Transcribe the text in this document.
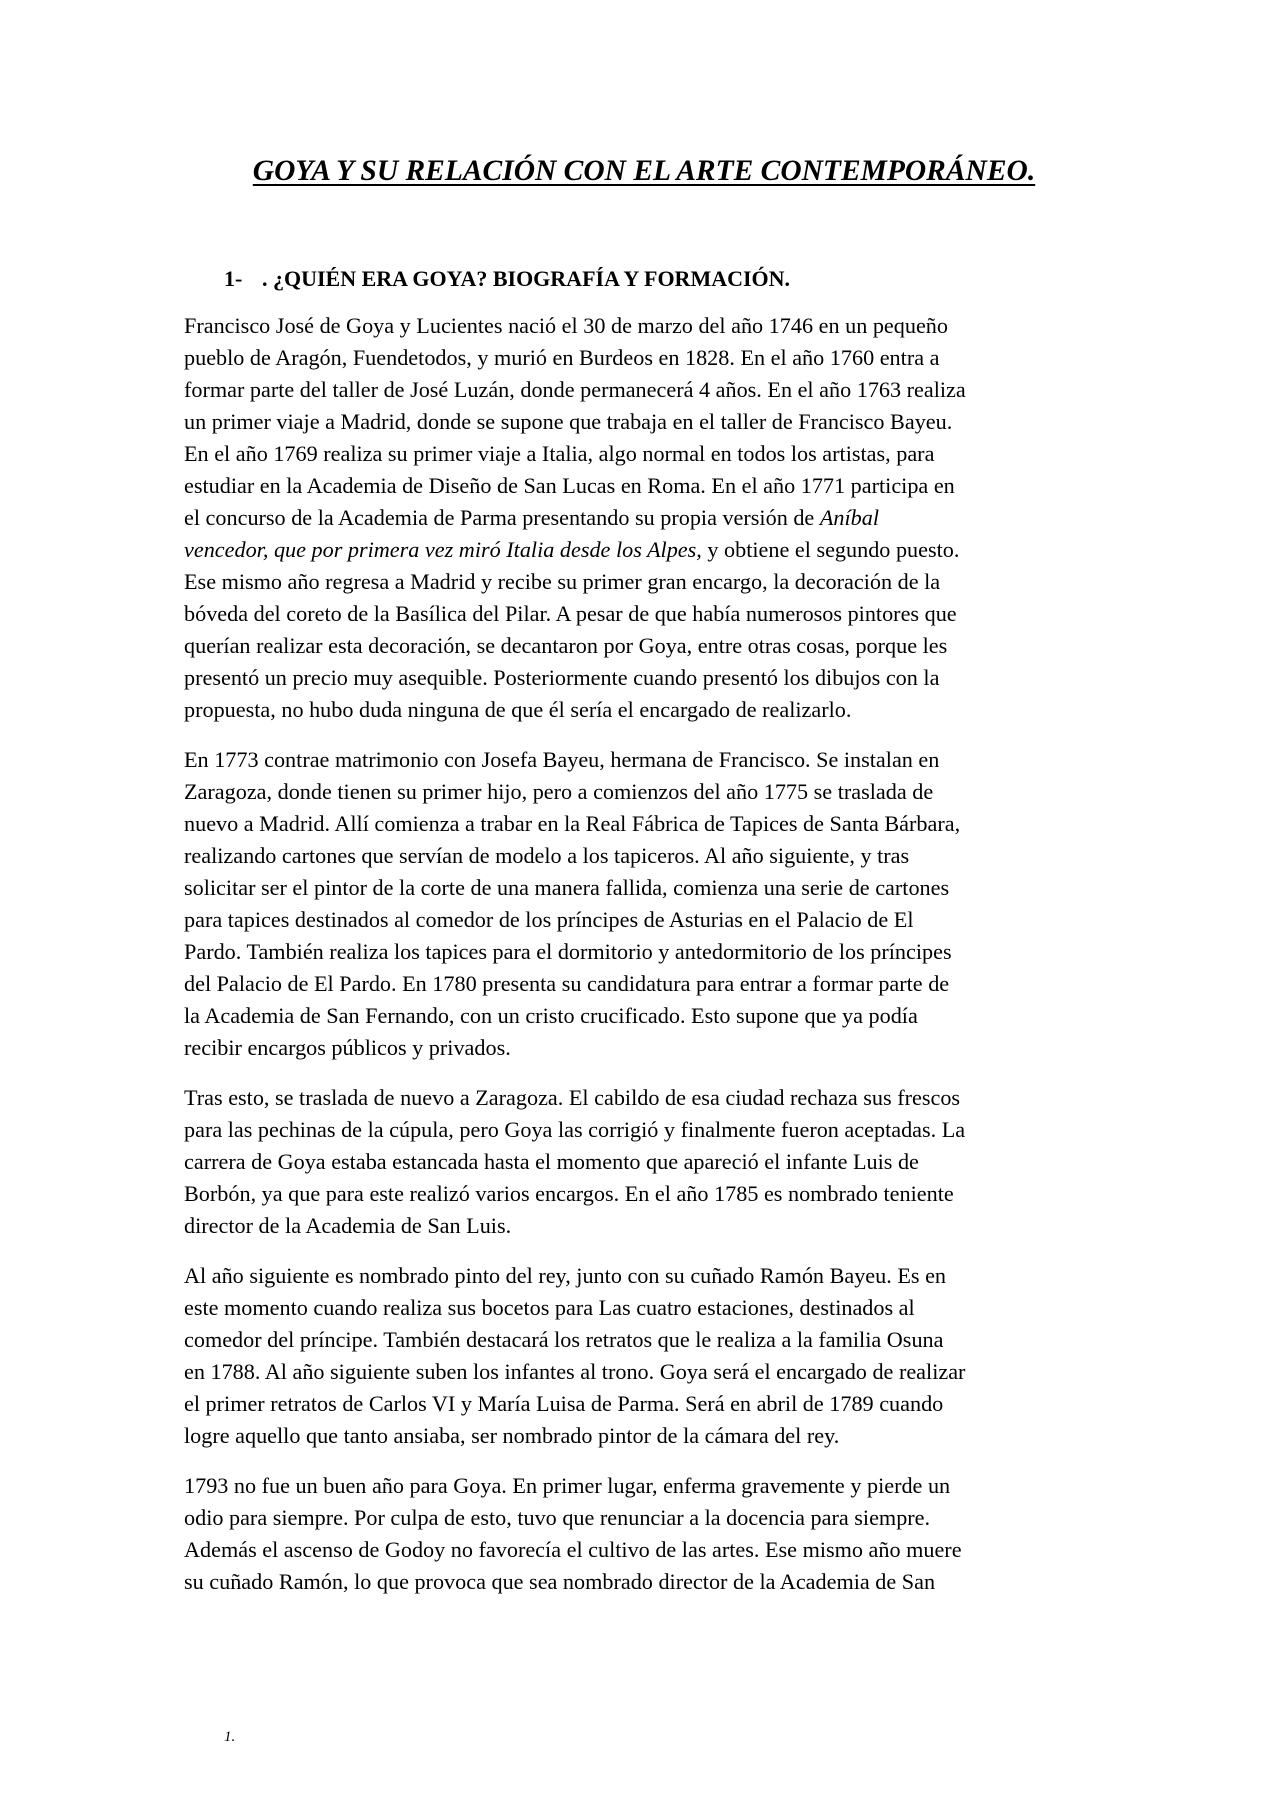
GOYA Y SU RELACIÓN CON EL ARTE CONTEMPORÁNEO.
1- . ¿QUIÉN ERA GOYA? BIOGRAFÍA Y FORMACIÓN.

Francisco José de Goya y Lucientes nació el 30 de marzo del año 1746 en un pequeño
pueblo de Aragón, Fuendetodos, y murió en Burdeos en 1828. En el año 1760 entra a
formar parte del taller de José Luzán, donde permanecerá 4 años. En el año 1763 realiza
un primer viaje a Madrid, donde se supone que trabaja en el taller de Francisco Bayeu.
En el año 1769 realiza su primer viaje a Italia, algo normal en todos los artistas, para
estudiar en la Academia de Diseño de San Lucas en Roma. En el año 1771 participa en
el concurso de la Academia de Parma presentando su propia versión de Aníbal
vencedor, que por primera vez miró Italia desde los Alpes, y obtiene el segundo puesto.
Ese mismo año regresa a Madrid y recibe su primer gran encargo, la decoración de la
bóveda del coreto de la Basílica del Pilar. A pesar de que había numerosos pintores que
querían realizar esta decoración, se decantaron por Goya, entre otras cosas, porque les
presentó un precio muy asequible. Posteriormente cuando presentó los dibujos con la
propuesta, no hubo duda ninguna de que él sería el encargado de realizarlo.

En 1773 contrae matrimonio con Josefa Bayeu, hermana de Francisco. Se instalan en
Zaragoza, donde tienen su primer hijo, pero a comienzos del año 1775 se traslada de
nuevo a Madrid. Allí comienza a trabar en la Real Fábrica de Tapices de Santa Bárbara,
realizando cartones que servían de modelo a los tapiceros. Al año siguiente, y tras
solicitar ser el pintor de la corte de una manera fallida, comienza una serie de cartones
para tapices destinados al comedor de los príncipes de Asturias en el Palacio de El
Pardo. También realiza los tapices para el dormitorio y antedormitorio de los príncipes
del Palacio de El Pardo. En 1780 presenta su candidatura para entrar a formar parte de
la Academia de San Fernando, con un cristo crucificado. Esto supone que ya podía
recibir encargos públicos y privados.

Tras esto, se traslada de nuevo a Zaragoza. El cabildo de esa ciudad rechaza sus frescos
para las pechinas de la cúpula, pero Goya las corrigió y finalmente fueron aceptadas. La
carrera de Goya estaba estancada hasta el momento que apareció el infante Luis de
Borbón, ya que para este realizó varios encargos. En el año 1785 es nombrado teniente
director de la Academia de San Luis.

Al año siguiente es nombrado pinto del rey, junto con su cuñado Ramón Bayeu. Es en
este momento cuando realiza sus bocetos para Las cuatro estaciones, destinados al
comedor del príncipe. También destacará los retratos que le realiza a la familia Osuna
en 1788. Al año siguiente suben los infantes al trono. Goya será el encargado de realizar
el primer retratos de Carlos VI y María Luisa de Parma. Será en abril de 1789 cuando
logre aquello que tanto ansiaba, ser nombrado pintor de la cámara del rey.

1793 no fue un buen año para Goya. En primer lugar, enferma gravemente y pierde un
odio para siempre. Por culpa de esto, tuvo que renunciar a la docencia para siempre.
Además el ascenso de Godoy no favorecía el cultivo de las artes. Ese mismo año muere
su cuñado Ramón, lo que provoca que sea nombrado director de la Academia de San

1.
